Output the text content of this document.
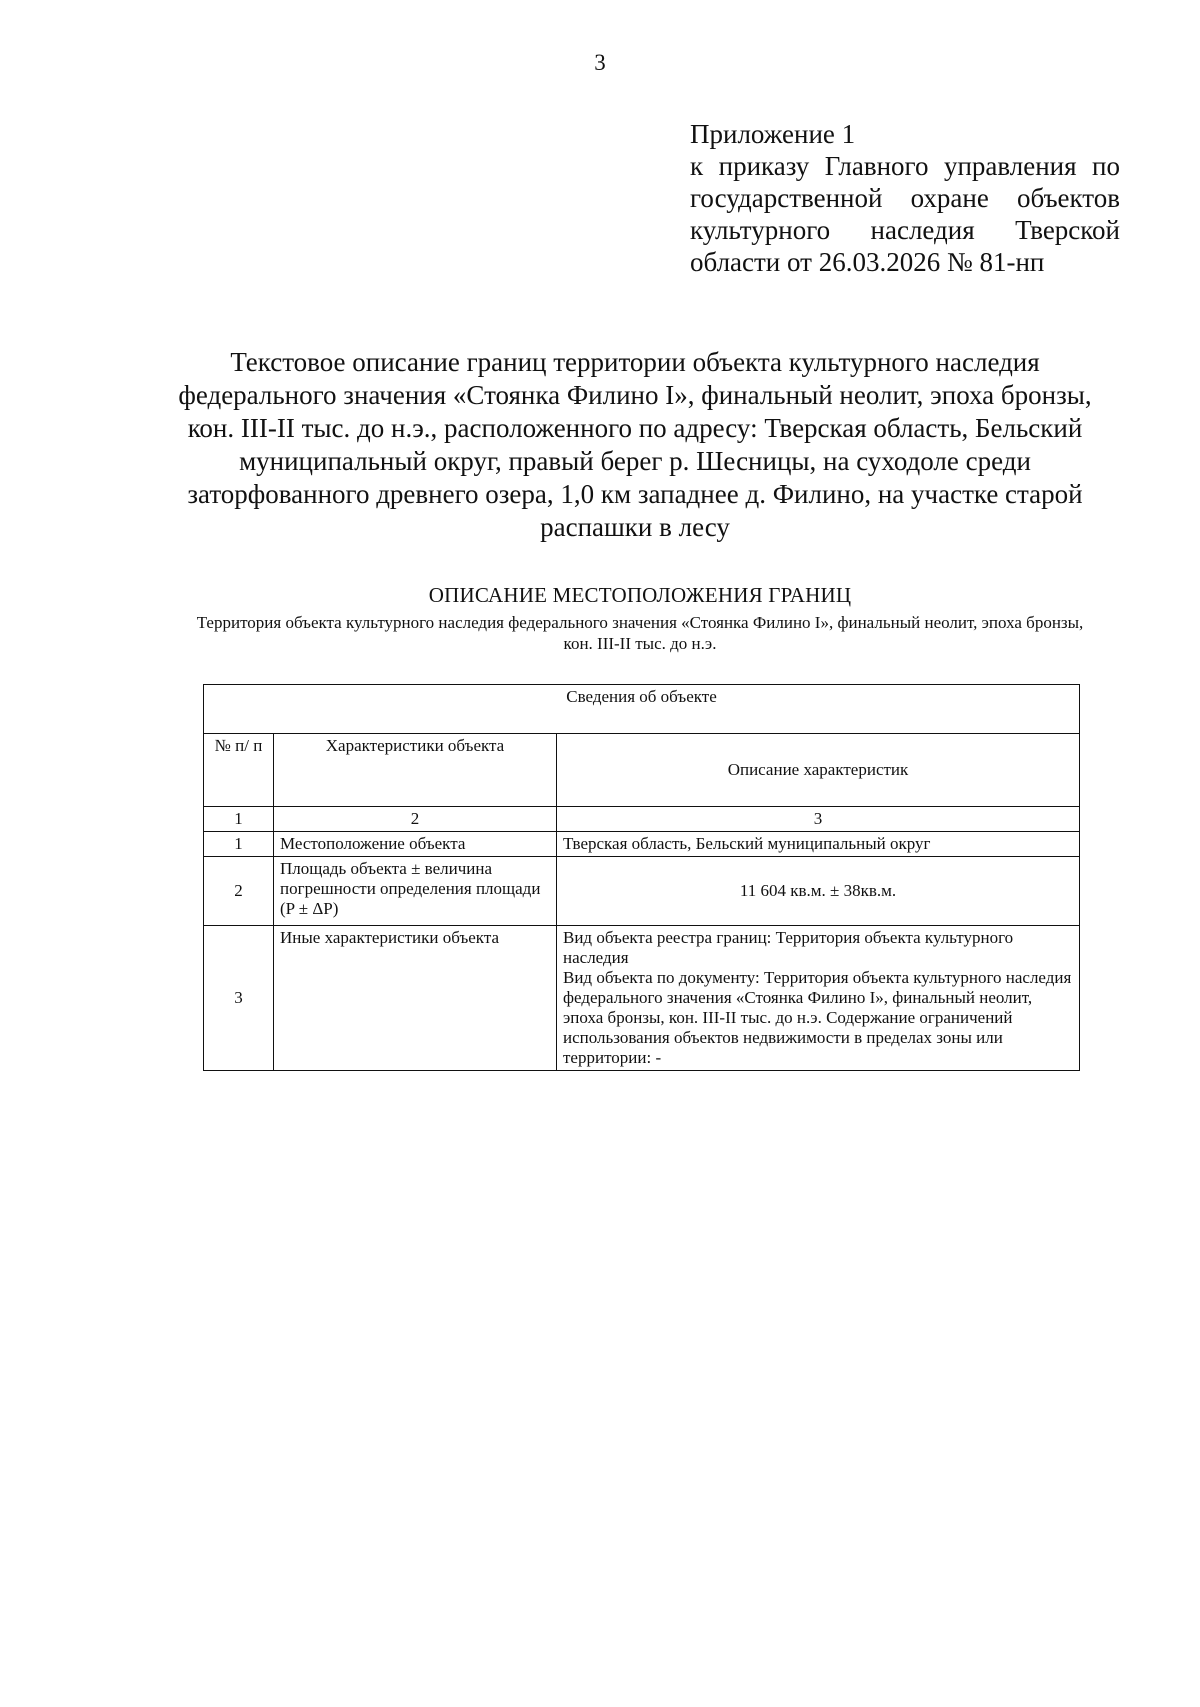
3
Приложение 1
к приказу Главного управления по государственной охране объектов культурного наследия Тверской области от 26.03.2026 № 81-нп
Текстовое описание границ территории объекта культурного наследия федерального значения «Стоянка Филино I», финальный неолит, эпоха бронзы, кон. III-II тыс. до н.э., расположенного по адресу: Тверская область, Бельский муниципальный округ, правый берег р. Шесницы, на суходоле среди заторфованного древнего озера, 1,0 км западнее д. Филино, на участке старой распашки в лесу
ОПИСАНИЕ МЕСТОПОЛОЖЕНИЯ ГРАНИЦ
Территория объекта культурного наследия федерального значения «Стоянка Филино I», финальный неолит, эпоха бронзы, кон. III-II тыс. до н.э.
Сведения об объекте		
№ п/ п	Характеристики объекта	Описание характеристик
1	2	3
1	Местоположение объекта	Тверская область, Бельский муниципальный округ
2	Площадь объекта ± величина погрешности определения площади (P ± ΔP)	11 604 кв.м. ± 38кв.м.
3	Иные характеристики объекта	Вид объекта реестра границ: Территория объекта культурного наследия
Вид объекта по документу: Территория объекта культурного наследия федерального значения «Стоянка Филино I», финальный неолит, эпоха бронзы, кон. III-II тыс. до н.э. Содержание ограничений использования объектов недвижимости в пределах зоны или территории: -
